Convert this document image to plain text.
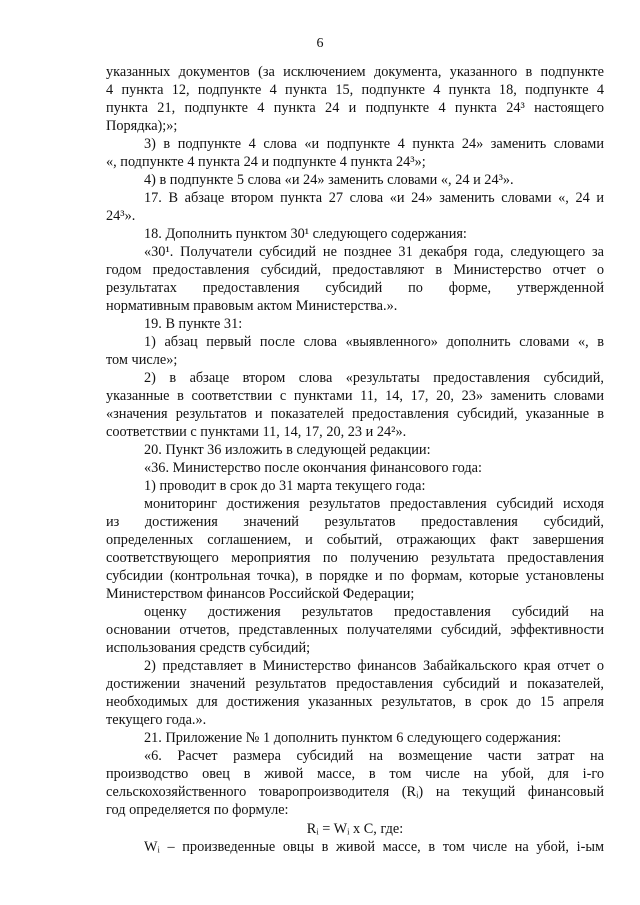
6

указанных документов (за исключением документа, указанного в подпункте

4 пункта 12, подпункте 4 пункта 15, подпункте 4 пункта 18, подпункте 4

пункта 21, подпункте 4 пункта 24 и подпункте 4 пункта 24³ настоящего

Порядка);»;

3) в подпункте 4 слова «и подпункте 4 пункта 24» заменить словами

«, подпункте 4 пункта 24 и подпункте 4 пункта 24³»;

4) в подпункте 5 слова «и 24» заменить словами «, 24 и 24³».

17. В абзаце втором пункта 27 слова «и 24» заменить словами «, 24 и

24³».

18. Дополнить пунктом 30¹ следующего содержания:

«30¹. Получатели субсидий не позднее 31 декабря года, следующего за

годом предоставления субсидий, предоставляют в Министерство отчет о

результатах предоставления субсидий по форме, утвержденной

нормативным правовым актом Министерства.».

19. В пункте 31:

1) абзац первый после слова «выявленного» дополнить словами «, в

том числе»;

2) в абзаце втором слова «результаты предоставления субсидий,

указанные в соответствии с пунктами 11, 14, 17, 20, 23» заменить словами

«значения результатов и показателей предоставления субсидий, указанные в

соответствии с пунктами 11, 14, 17, 20, 23 и 24²».

20. Пункт 36 изложить в следующей редакции:

«36. Министерство после окончания финансового года:

1) проводит в срок до 31 марта текущего года:

мониторинг достижения результатов предоставления субсидий исходя

из достижения значений результатов предоставления субсидий,

определенных соглашением, и событий, отражающих факт завершения

соответствующего мероприятия по получению результата предоставления

субсидии (контрольная точка), в порядке и по формам, которые установлены

Министерством финансов Российской Федерации;

оценку достижения результатов предоставления субсидий на

основании отчетов, представленных получателями субсидий, эффективности

использования средств субсидий;

2) представляет в Министерство финансов Забайкальского края отчет о

достижении значений результатов предоставления субсидий и показателей,

необходимых для достижения указанных результатов, в срок до 15 апреля

текущего года.».

21. Приложение № 1 дополнить пунктом 6 следующего содержания:

«6. Расчет размера субсидий на возмещение части затрат на

производство овец в живой массе, в том числе на убой, для i-го

сельскохозяйственного товаропроизводителя (Rᵢ) на текущий финансовый

год определяется по формуле:

Rᵢ = Wᵢ x С, где:

Wᵢ – произведенные овцы в живой массе, в том числе на убой, i-ым
